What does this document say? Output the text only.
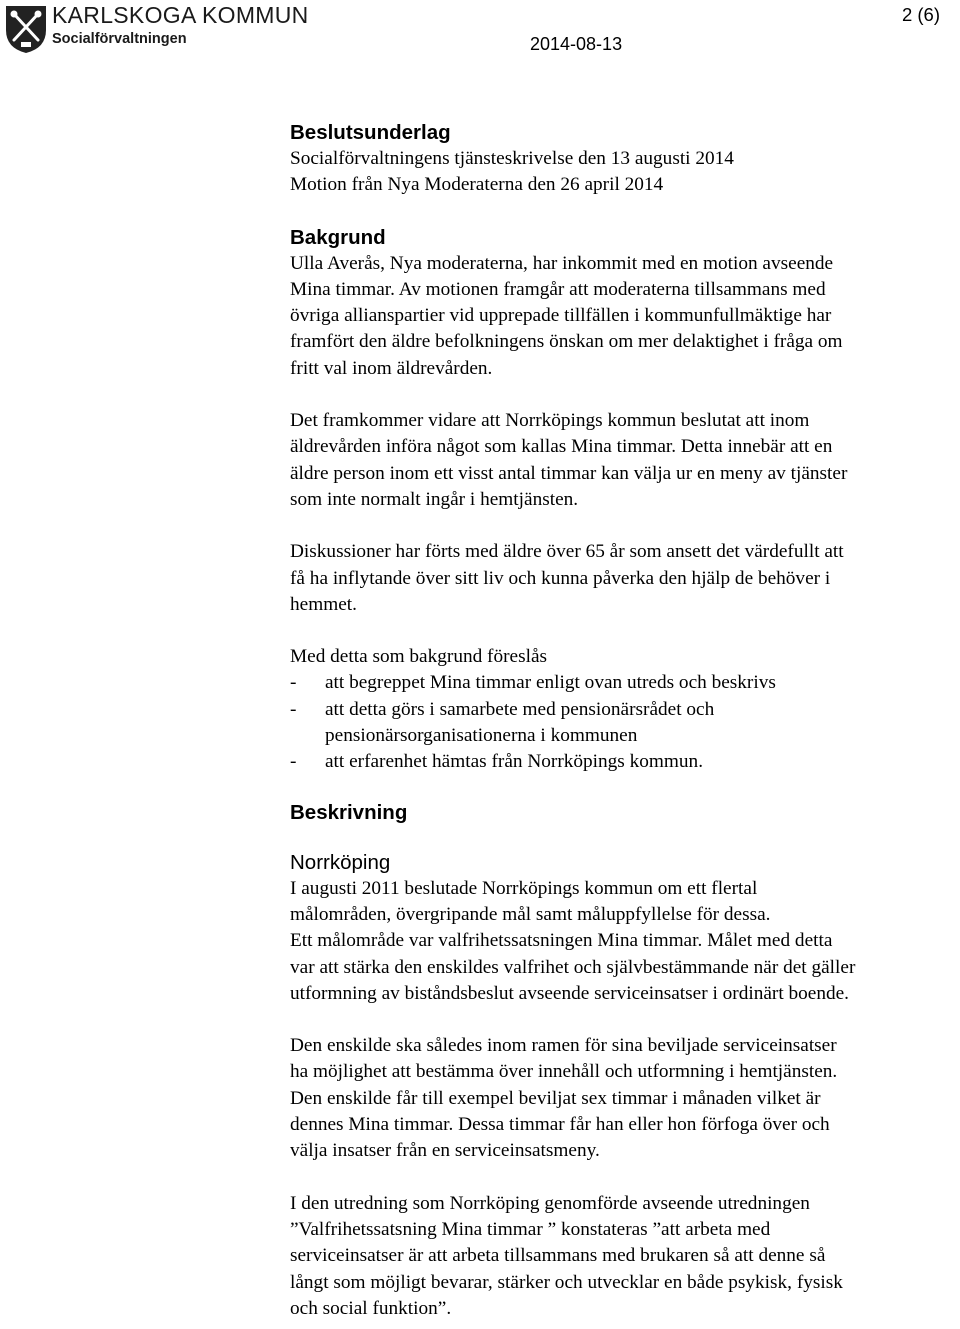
KARLSKOGA KOMMUN
Socialförvaltningen
2 (6)
2014-08-13
Beslutsunderlag

Socialförvaltningens tjänsteskrivelse den 13 augusti 2014

Motion från Nya Moderaterna den 26 april 2014

Bakgrund

Ulla Averås, Nya moderaterna, har inkommit med en motion avseende

Mina timmar. Av motionen framgår att moderaterna tillsammans med

övriga allianspartier vid upprepade tillfällen i kommunfullmäktige har

framfört den äldre befolkningens önskan om mer delaktighet i fråga om

fritt val inom äldrevården.

Det framkommer vidare att Norrköpings kommun beslutat att inom

äldrevården införa något som kallas Mina timmar. Detta innebär att en

äldre person inom ett visst antal timmar kan välja ur en meny av tjänster

som inte normalt ingår i hemtjänsten.

Diskussioner har förts med äldre över 65 år som ansett det värdefullt att

få ha inflytande över sitt liv och kunna påverka den hjälp de behöver i

hemmet.

Med detta som bakgrund föreslås

-	att begreppet Mina timmar enligt ovan utreds och beskrivs
-	att detta görs i samarbete med pensionärsrådet och
pensionärsorganisationerna i kommunen
-	att erfarenhet hämtas från Norrköpings kommun.
Beskrivning
Norrköping

I augusti 2011 beslutade Norrköpings kommun om ett flertal

målområden, övergripande mål samt måluppfyllelse för dessa.

Ett målområde var valfrihetssatsningen Mina timmar. Målet med detta

var att stärka den enskildes valfrihet och självbestämmande när det gäller

utformning av biståndsbeslut avseende serviceinsatser i ordinärt boende.

Den enskilde ska således inom ramen för sina beviljade serviceinsatser

ha möjlighet att bestämma över innehåll och utformning i hemtjänsten.

Den enskilde får till exempel beviljat sex timmar i månaden vilket är

dennes Mina timmar. Dessa timmar får han eller hon förfoga över och

välja insatser från en serviceinsatsmeny.

I den utredning som Norrköping genomförde avseende utredningen

”Valfrihetssatsning Mina timmar ” konstateras ”att arbeta med

serviceinsatser är att arbeta tillsammans med brukaren så att denne så

långt som möjligt bevarar, stärker och utvecklar en både psykisk, fysisk

och social funktion”.
